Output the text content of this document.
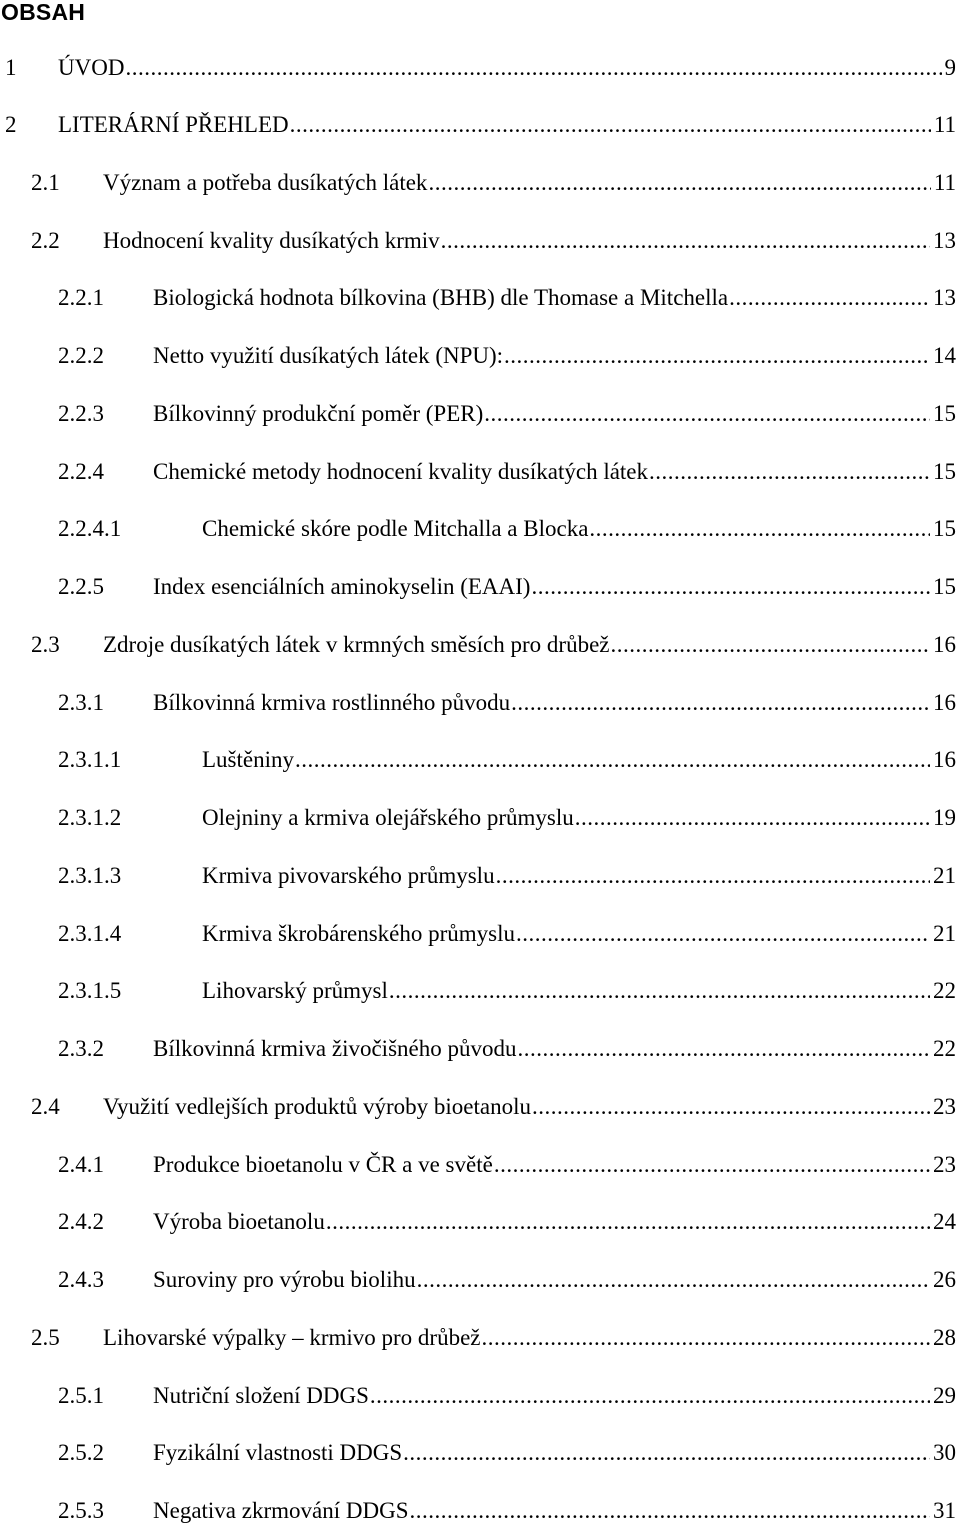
OBSAH
1	ÚVOD .....	9
2	LITERÁRNÍ PŘEHLED .....	11
2.1	Význam a potřeba dusíkatých látek .....	11
2.2	Hodnocení kvality dusíkatých krmiv .....	13
2.2.1	Biologická hodnota bílkovina (BHB) dle Thomase a Mitchella .....	13
2.2.2	Netto využití dusíkatých látek (NPU): .....	14
2.2.3	Bílkovinný produkční poměr (PER) .....	15
2.2.4	Chemické metody hodnocení kvality dusíkatých látek .....	15
2.2.4.1	Chemické skóre podle Mitchalla a Blocka .....	15
2.2.5	Index esenciálních aminokyselin (EAAI) .....	15
2.3	Zdroje dusíkatých látek v krmných směsích pro drůbež .....	16
2.3.1	Bílkovinná krmiva rostlinného původu .....	16
2.3.1.1	Luštěniny .....	16
2.3.1.2	Olejniny a krmiva olejářského průmyslu .....	19
2.3.1.3	Krmiva pivovarského průmyslu .....	21
2.3.1.4	Krmiva škrobárenského průmyslu .....	21
2.3.1.5	Lihovarský průmysl .....	22
2.3.2	Bílkovinná krmiva živočišného původu .....	22
2.4	Využití vedlejších produktů výroby bioetanolu .....	23
2.4.1	Produkce bioetanolu v ČR a ve světě .....	23
2.4.2	Výroba bioetanolu .....	24
2.4.3	Suroviny pro výrobu biolihu .....	26
2.5	Lihovarské výpalky – krmivo pro drůbež .....	28
2.5.1	Nutriční složení DDGS .....	29
2.5.2	Fyzikální vlastnosti DDGS .....	30
2.5.3	Negativa zkrmování DDGS .....	31
